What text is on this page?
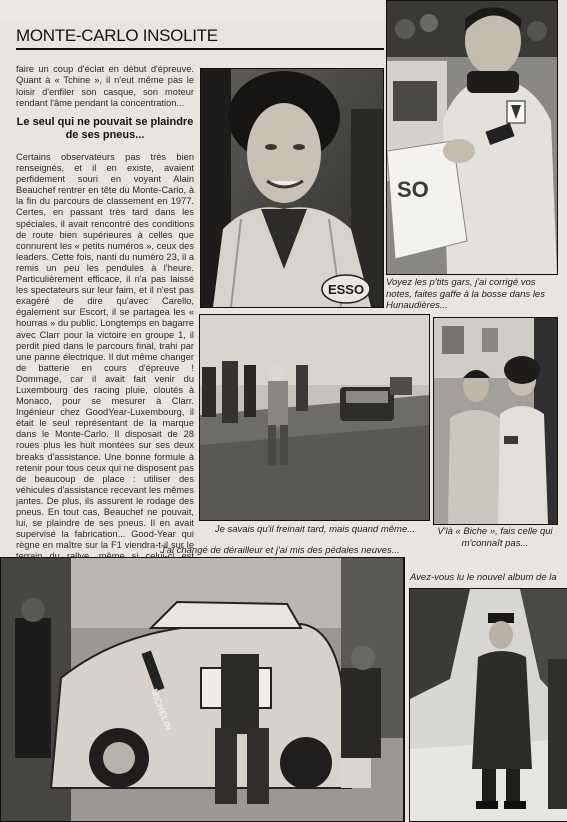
MONTE-CARLO INSOLITE
faire un coup d'éclat en début d'épreuve. Quant à « Tchine », il n'eut même pas le loisir d'enfiler son casque, son moteur rendant l'âme pendant la concentration...
Le seul qui ne pouvait se plaindre de ses pneus...
Certains observateurs pas très bien renseignés, et il en existe, avaient perfidement souri en voyant Alain Beauchef rentrer en tête du Monte-Carlo, à la fin du parcours de classement en 1977. Certes, en passant très tard dans les spéciales, il avait rencontré des conditions de route bien supérieures à celles que connurent les « petits numéros », ceux des leaders. Cette fois, nanti du numéro 23, il a remis un peu les pendules à l'heure. Particulièrement efficace, il n'a pas laissé les spectateurs sur leur faim, et il n'est pas exagéré de dire qu'avec Carello, également sur Escort, il se partagea les « hourras » du public. Longtemps en bagarre avec Clarr pour la victoire en groupe 1, il perdit pied dans le parcours final, trahi par une panne électrique. Il dut même changer de batterie en cours d'épreuve ! Dommage, car il avait fait venir du Luxembourg des racing pluie, cloutés à Monaco, pour se mesurer à Clarr. Ingénieur chez GoodYear-Luxembourg, il était le seul représentant de la marque dans le Monte-Carlo. Il disposait de 28 roues plus les huit montées sur ses deux breaks d'assistance. Une bonne formule à retenir pour tous ceux qui ne disposent pas de beaucoup de place : utiliser des véhicules d'assistance recevant les mêmes jantes. De plus, ils assurent le rodage des pneus. En tout cas, Beauchef ne pouvait, lui, se plaindre de ses pneus. Il en avait supervisé la fabrication... Good-Year qui règne en maître sur la F1 viendra-t-il sur le
ESSO
SO
Voyez les p'tits gars, j'ai corrigé vos notes, faites gaffe à la bosse dans les Hunaudières...
Je savais qu'il freinait tard, mais quand même...	V'là « Biche », fais celle qui m'connaît pas...
J'ai changé de dérailleur et j'ai mis des pédales neuves...
MICHELIN
Avez-vous lu le nouvel album de la
